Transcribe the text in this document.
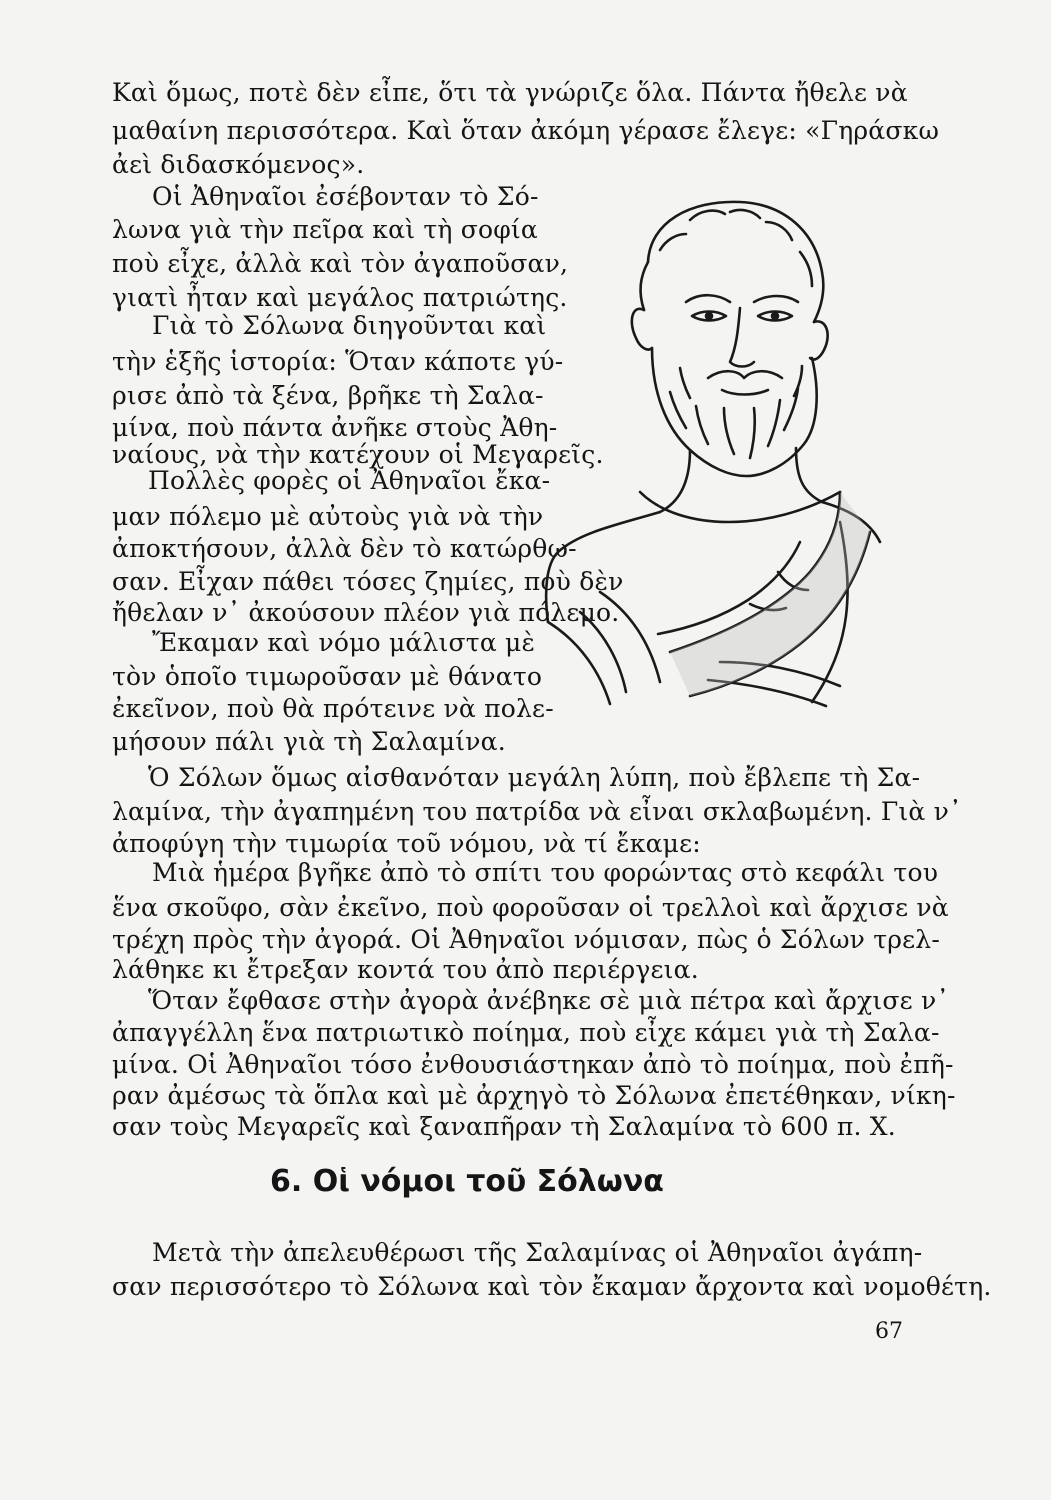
Καὶ ὅμως, ποτὲ δὲν εἶπε, ὅτι τὰ γνώριζε ὅλα. Πάντα ἤθελε νὰ
μαθαίνη περισσότερα. Καὶ ὅταν ἀκόμη γέρασε ἔλεγε: «Γηράσκω
ἀεὶ διδασκόμενος».
Οἱ Ἀθηναῖοι ἐσέβονταν τὸ Σό-
λωνα γιὰ τὴν πεῖρα καὶ τὴ σοφία
ποὺ εἶχε, ἀλλὰ καὶ τὸν ἀγαποῦσαν,
γιατὶ ἦταν καὶ μεγάλος πατριώτης.
Γιὰ τὸ Σόλωνα διηγοῦνται καὶ
τὴν ἑξῆς ἱστορία: Ὅταν κάποτε γύ-
ρισε ἀπὸ τὰ ξένα, βρῆκε τὴ Σαλα-
μίνα, ποὺ πάντα ἀνῆκε στοὺς Ἀθη-
ναίους, νὰ τὴν κατέχουν οἱ Μεγαρεῖς.
Πολλὲς φορὲς οἱ Ἀθηναῖοι ἔκα-
μαν πόλεμο μὲ αὐτοὺς γιὰ νὰ τὴν
ἀποκτήσουν, ἀλλὰ δὲν τὸ κατώρθω-
σαν. Εἶχαν πάθει τόσες ζημίες, ποὺ δὲν
ἤθελαν ν᾽ ἀκούσουν πλέον γιὰ πόλεμο.
Ἔκαμαν καὶ νόμο μάλιστα μὲ
τὸν ὁποῖο τιμωροῦσαν μὲ θάνατο
ἐκεῖνον, ποὺ θὰ πρότεινε νὰ πολε-
μήσουν πάλι γιὰ τὴ Σαλαμίνα.
Ὁ Σόλων ὅμως αἰσθανόταν μεγάλη λύπη, ποὺ ἔβλεπε τὴ Σα-
λαμίνα, τὴν ἀγαπημένη του πατρίδα νὰ εἶναι σκλαβωμένη. Γιὰ ν᾽
ἀποφύγη τὴν τιμωρία τοῦ νόμου, νὰ τί ἔκαμε:
Μιὰ ἡμέρα βγῆκε ἀπὸ τὸ σπίτι του φορώντας στὸ κεφάλι του
ἕνα σκοῦφο, σὰν ἐκεῖνο, ποὺ φοροῦσαν οἱ τρελλοὶ καὶ ἄρχισε νὰ
τρέχη πρὸς τὴν ἀγορά. Οἱ Ἀθηναῖοι νόμισαν, πὼς ὁ Σόλων τρελ-
λάθηκε κι ἔτρεξαν κοντά του ἀπὸ περιέργεια.
Ὅταν ἔφθασε στὴν ἀγορὰ ἀνέβηκε σὲ μιὰ πέτρα καὶ ἄρχισε ν᾽
ἀπαγγέλλη ἕνα πατριωτικὸ ποίημα, ποὺ εἶχε κάμει γιὰ τὴ Σαλα-
μίνα. Οἱ Ἀθηναῖοι τόσο ἐνθουσιάστηκαν ἀπὸ τὸ ποίημα, ποὺ ἐπῆ-
ραν ἀμέσως τὰ ὅπλα καὶ μὲ ἀρχηγὸ τὸ Σόλωνα ἐπετέθηκαν, νίκη-
σαν τοὺς Μεγαρεῖς καὶ ξαναπῆραν τὴ Σαλαμίνα τὸ 600 π. Χ.
6. Οἱ νόμοι τοῦ Σόλωνα
Μετὰ τὴν ἀπελευθέρωσι τῆς Σαλαμίνας οἱ Ἀθηναῖοι ἀγάπη-
σαν περισσότερο τὸ Σόλωνα καὶ τὸν ἔκαμαν ἄρχοντα καὶ νομοθέτη.
67
